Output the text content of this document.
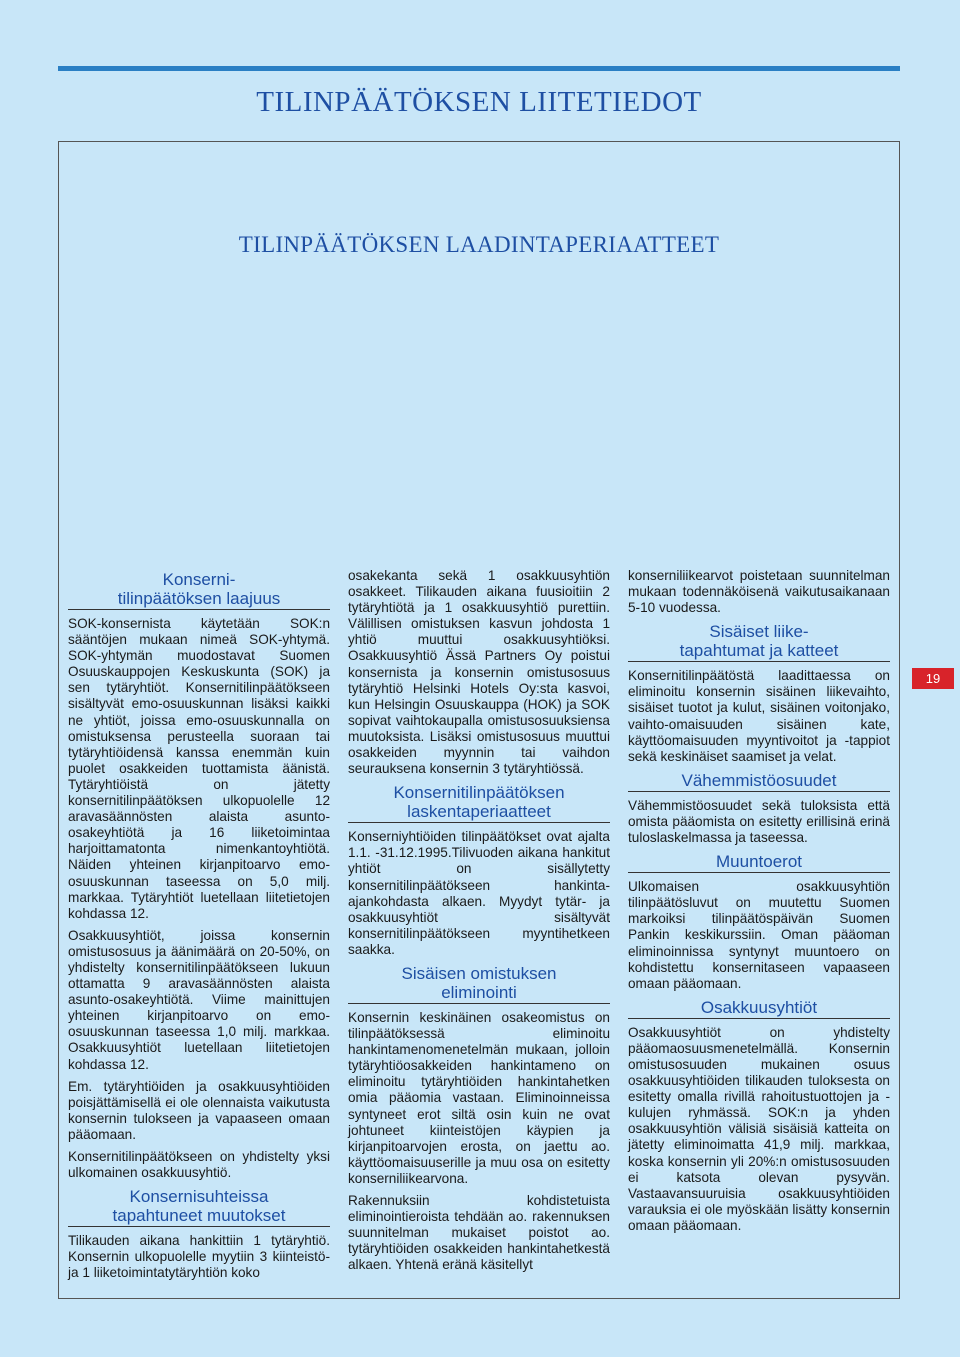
TILINPÄÄTÖKSEN LIITETIEDOT
TILINPÄÄTÖKSEN LAADINTAPERIAATTEET
Konserni-
tilinpäätöksen laajuus

SOK-konsernista käytetään SOK:n sääntöjen mukaan nimeä SOK-yhtymä. SOK-yhtymän muodostavat Suomen Osuuskauppojen Keskuskunta (SOK) ja sen tytäryhtiöt. Konsernitilinpäätökseen sisältyvät emo-osuuskunnan lisäksi kaikki ne yhtiöt, joissa emo-osuuskunnalla on omistuksensa perusteella suoraan tai tytäryhtiöidensä kanssa enemmän kuin puolet osakkeiden tuottamista äänistä. Tytäryhtiöistä on jätetty konsernitilinpäätöksen ulkopuolelle 12 aravasäännösten alaista asunto-osakeyhtiötä ja 16 liiketoimintaa harjoittamatonta nimenkantoyhtiötä. Näiden yhteinen kirjanpitoarvo emo-osuuskunnan taseessa on 5,0 milj. markkaa. Tytäryhtiöt luetellaan liitetietojen kohdassa 12.

Osakkuusyhtiöt, joissa konsernin omistusosuus ja äänimäärä on 20-50%, on yhdistelty konsernitilinpäätökseen lukuun ottamatta 9 aravasäännösten alaista asunto-osakeyhtiötä. Viime mainittujen yhteinen kirjanpitoarvo on emo-osuuskunnan taseessa 1,0 milj. markkaa. Osakkuusyhtiöt luetellaan liitetietojen kohdassa 12.

Em. tytäryhtiöiden ja osakkuusyhtiöiden poisjättämisellä ei ole olennaista vaikutusta konsernin tulokseen ja vapaaseen omaan pääomaan.

Konsernitilinpäätökseen on yhdistelty yksi ulkomainen osakkuusyhtiö.

Konsernisuhteissa
tapahtuneet muutokset

Tilikauden aikana hankittiin 1 tytäryhtiö. Konsernin ulkopuolelle myytiin 3 kiinteistö- ja 1 liiketoimintatytäryhtiön koko

osakekanta sekä 1 osakkuusyhtiön osakkeet. Tilikauden aikana fuusioitiin 2 tytäryhtiötä ja 1 osakkuusyhtiö purettiin. Välillisen omistuksen kasvun johdosta 1 yhtiö muuttui osakkuusyhtiöksi. Osakkuusyhtiö Ässä Partners Oy poistui konsernista ja konsernin omistusosuus tytäryhtiö Helsinki Hotels Oy:sta kasvoi, kun Helsingin Osuuskauppa (HOK) ja SOK sopivat vaihtokaupalla omistusosuuksiensa muutoksista. Lisäksi omistusosuus muuttui osakkeiden myynnin tai vaihdon seurauksena konsernin 3 tytäryhtiössä.

Konsernitilinpäätöksen
laskentaperiaatteet

Konserniyhtiöiden tilinpäätökset ovat ajalta 1.1. -31.12.1995.Tilivuoden aikana hankitut yhtiöt on sisällytetty konsernitilinpäätökseen hankinta-ajankohdasta alkaen. Myydyt tytär- ja osakkuusyhtiöt sisältyvät konsernitilinpäätökseen myyntihetkeen saakka.

Sisäisen omistuksen
eliminointi

Konsernin keskinäinen osakeomistus on tilinpäätöksessä eliminoitu hankintamenomenetelmän mukaan, jolloin tytäryhtiöosakkeiden hankintameno on eliminoitu tytäryhtiöiden hankintahetken omia pääomia vastaan. Eliminoinneissa syntyneet erot siltä osin kuin ne ovat johtuneet kiinteistöjen käypien ja kirjanpitoarvojen erosta, on jaettu ao. käyttöomaisuuserille ja muu osa on esitetty konserniliikearvona.

Rakennuksiin kohdistetuista eliminointieroista tehdään ao. rakennuksen suunnitelman mukaiset poistot ao. tytäryhtiöiden osakkeiden hankintahetkestä alkaen. Yhtenä eränä käsitellyt

konserniliikearvot poistetaan suunnitelman mukaan todennäköisenä vaikutusaikanaan 5-10 vuodessa.

Sisäiset liike-
tapahtumat ja katteet

Konsernitilinpäätöstä laadittaessa on eliminoitu konsernin sisäinen liikevaihto, sisäiset tuotot ja kulut, sisäinen voitonjako, vaihto-omaisuuden sisäinen kate, käyttöomaisuuden myyntivoitot ja -tappiot sekä keskinäiset saamiset ja velat.

Vähemmistöosuudet

Vähemmistöosuudet sekä tuloksista että omista pääomista on esitetty erillisinä erinä tuloslaskelmassa ja taseessa.

Muuntoerot

Ulkomaisen osakkuusyhtiön tilinpäätösluvut on muutettu Suomen markoiksi tilinpäätöspäivän Suomen Pankin keskikurssiin. Oman pääoman eliminoinnissa syntynyt muuntoero on kohdistettu konsernitaseen vapaaseen omaan pääomaan.

Osakkuusyhtiöt

Osakkuusyhtiöt on yhdistelty pääomaosuusmenetelmällä. Konsernin omistusosuuden mukainen osuus osakkuusyhtiöiden tilikauden tuloksesta on esitetty omalla rivillä rahoitustuottojen ja -kulujen ryhmässä. SOK:n ja yhden osakkuusyhtiön välisiä sisäisiä katteita on jätetty eliminoimatta 41,9 milj. markkaa, koska konsernin yli 20%:n omistusosuuden ei katsota olevan pysyvän. Vastaavansuuruisia osakkuusyhtiöiden varauksia ei ole myöskään lisätty konsernin omaan pääomaan.

19
